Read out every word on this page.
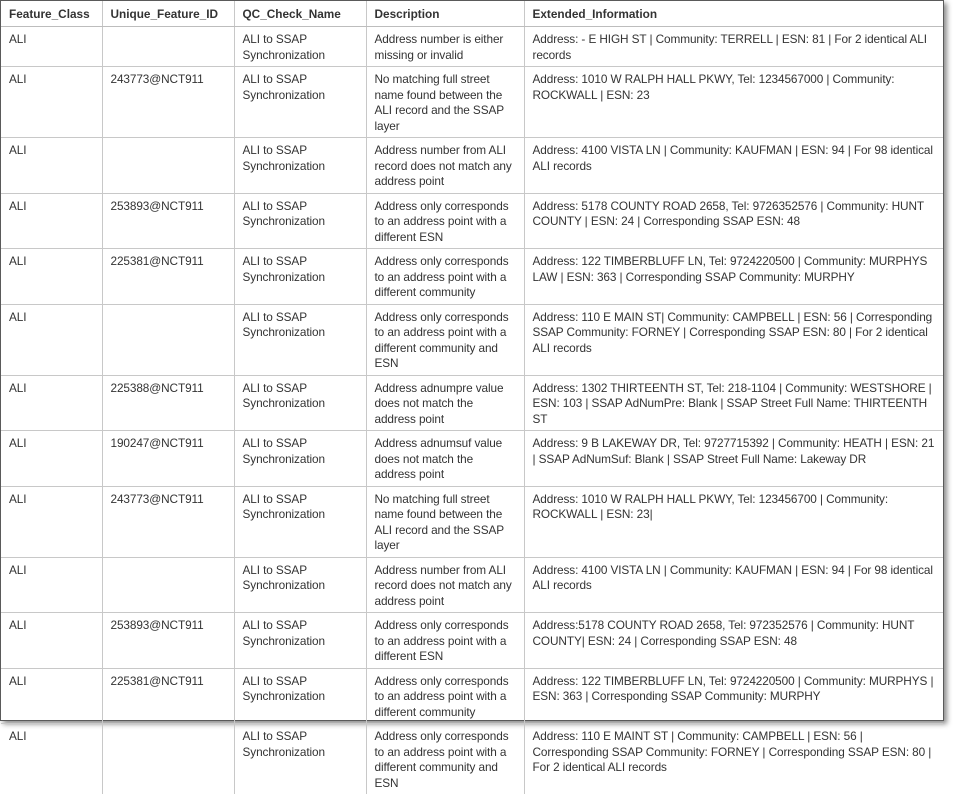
Feature_Class	Unique_Feature_ID	QC_Check_Name	Description	Extended_Information
ALI		ALI to SSAP Synchronization	Address number is either missing or invalid	Address: - E HIGH ST | Community: TERRELL | ESN: 81 | For 2 identical ALI records
ALI	243773@NCT911	ALI to SSAP Synchronization	No matching full street name found between the ALI record and the SSAP layer	Address: 1010 W RALPH HALL PKWY, Tel: 1234567000 | Community: ROCKWALL | ESN: 23
ALI		ALI to SSAP Synchronization	Address number from ALI record does not match any address point	Address: 4100 VISTA LN | Community: KAUFMAN | ESN: 94 | For 98 identical ALI records
ALI	253893@NCT911	ALI to SSAP Synchronization	Address only corresponds to an address point with a different ESN	Address: 5178 COUNTY ROAD 2658, Tel: 9726352576 | Community: HUNT COUNTY | ESN: 24 | Corresponding SSAP ESN: 48
ALI	225381@NCT911	ALI to SSAP Synchronization	Address only corresponds to an address point with a different community	Address: 122 TIMBERBLUFF LN, Tel: 9724220500 | Community: MURPHYS LAW | ESN: 363 | Corresponding SSAP Community: MURPHY
ALI		ALI to SSAP Synchronization	Address only corresponds to an address point with a different community and ESN	Address: 110 E MAIN ST| Community: CAMPBELL | ESN: 56 | Corresponding SSAP Community: FORNEY | Corresponding SSAP ESN: 80 | For 2 identical ALI records
ALI	225388@NCT911	ALI to SSAP Synchronization	Address adnumpre value does not match the address point	Address: 1302 THIRTEENTH ST, Tel: 218-1104 | Community: WESTSHORE | ESN: 103 | SSAP AdNumPre: Blank | SSAP Street Full Name: THIRTEENTH ST
ALI	190247@NCT911	ALI to SSAP Synchronization	Address adnumsuf value does not match the address point	Address: 9 B LAKEWAY DR, Tel: 9727715392 | Community: HEATH | ESN: 21 | SSAP AdNumSuf: Blank | SSAP Street Full Name: Lakeway DR
ALI	243773@NCT911	ALI to SSAP Synchronization	No matching full street name found between the ALI record and the SSAP layer	Address: 1010 W RALPH HALL PKWY, Tel: 123456700 | Community: ROCKWALL | ESN: 23|
ALI		ALI to SSAP Synchronization	Address number from ALI record does not match any address point	Address: 4100 VISTA LN | Community: KAUFMAN | ESN: 94 | For 98 identical ALI records
ALI	253893@NCT911	ALI to SSAP Synchronization	Address only corresponds to an address point with a different ESN	Address:5178 COUNTY ROAD 2658, Tel: 972352576 | Community: HUNT COUNTY| ESN: 24 | Corresponding SSAP ESN: 48
ALI	225381@NCT911	ALI to SSAP Synchronization	Address only corresponds to an address point with a different community	Address: 122 TIMBERBLUFF LN, Tel: 9724220500 | Community: MURPHYS | ESN: 363 | Corresponding SSAP Community: MURPHY
ALI		ALI to SSAP Synchronization	Address only corresponds to an address point with a different community and ESN	Address: 110 E MAINT ST | Community: CAMPBELL | ESN: 56 | Corresponding SSAP Community: FORNEY | Corresponding SSAP ESN: 80 | For 2 identical ALI records
